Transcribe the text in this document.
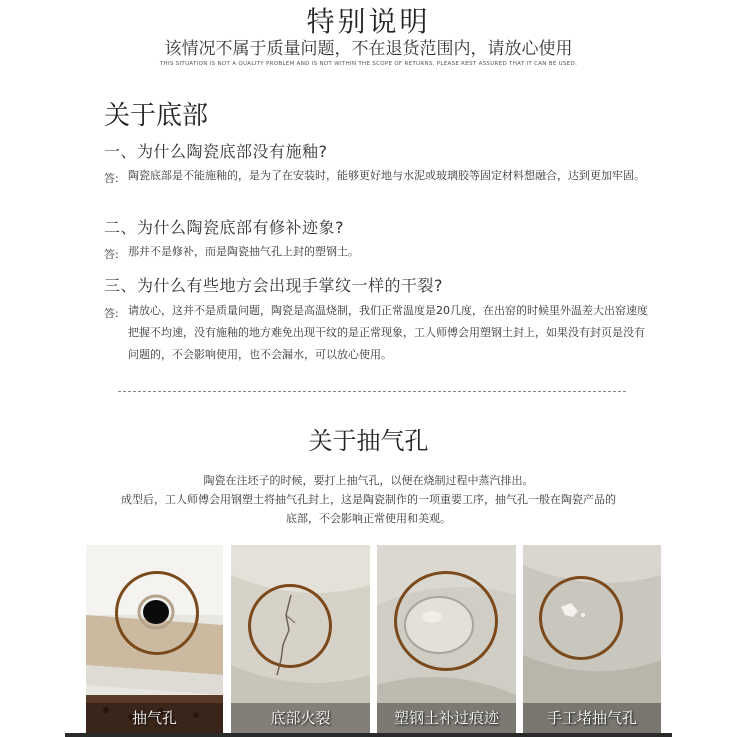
特别说明
该情况不属于质量问题，不在退货范围内，请放心使用
THIS SITUATION IS NOT A QUALITY PROBLEM AND IS NOT WITHIN THE SCOPE OF RETURNS, PLEASE REST ASSURED THAT IT CAN BE USED.
关于底部
一、为什么陶瓷底部没有施釉?
答: 陶瓷底部是不能施釉的，是为了在安装时，能够更好地与水泥或玻璃胶等固定材料想融合，达到更加牢固。
二、为什么陶瓷底部有修补迹象?
答: 那并不是修补，而是陶瓷抽气孔上封的塑钢土。
三、为什么有些地方会出现手掌纹一样的干裂?
答: 请放心，这并不是质量问题，陶瓷是高温烧制，我们正常温度是20几度，在出窑的时候里外温差大出窑速度把握不均速，没有施釉的地方难免出现干纹的是正常现象，工人师傅会用塑钢土封上，如果没有封页是没有问题的，不会影响使用，也不会漏水，可以放心使用。
关于抽气孔
陶瓷在注坯子的时候，要打上抽气孔，以便在烧制过程中蒸汽排出。
成型后，工人师傅会用钢塑土将抽气孔封上，这是陶瓷制作的一项重要工序，抽气孔一般在陶瓷产品的
底部，不会影响正常使用和美观。
抽气孔	底部火裂	塑钢土补过痕迹	手工堵抽气孔
